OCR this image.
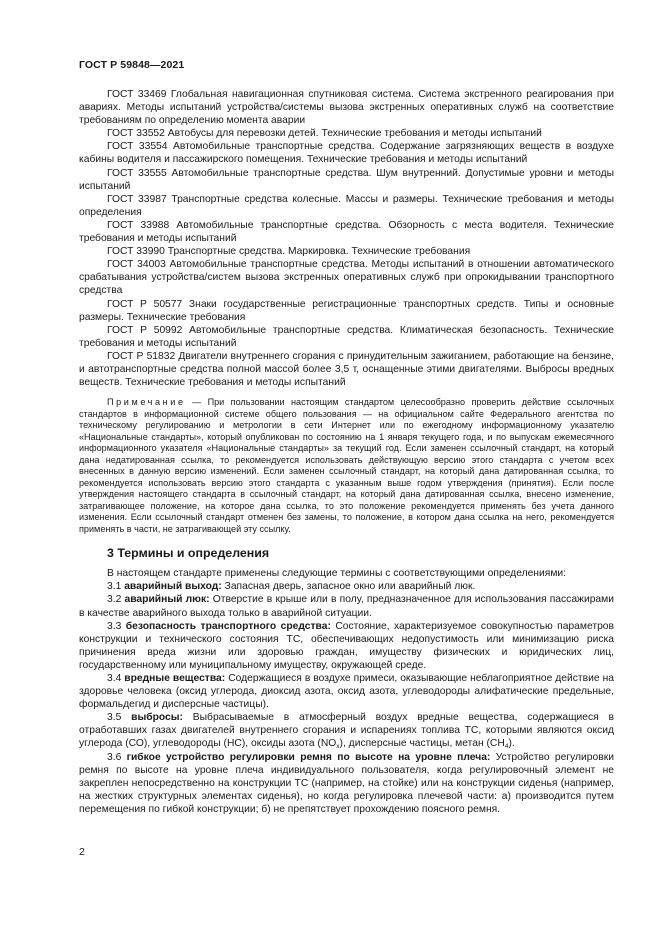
ГОСТ Р 59848—2021

ГОСТ 33469 Глобальная навигационная спутниковая система. Система экстренного реагирования при авариях. Методы испытаний устройства/системы вызова экстренных оперативных служб на соответствие требованиям по определению момента аварии

ГОСТ 33552 Автобусы для перевозки детей. Технические требования и методы испытаний

ГОСТ 33554 Автомобильные транспортные средства. Содержание загрязняющих веществ в воздухе кабины водителя и пассажирского помещения. Технические требования и методы испытаний

ГОСТ 33555 Автомобильные транспортные средства. Шум внутренний. Допустимые уровни и методы испытаний

ГОСТ 33987 Транспортные средства колесные. Массы и размеры. Технические требования и методы определения

ГОСТ 33988 Автомобильные транспортные средства. Обзорность с места водителя. Технические требования и методы испытаний

ГОСТ 33990 Транспортные средства. Маркировка. Технические требования

ГОСТ 34003 Автомобильные транспортные средства. Методы испытаний в отношении автоматического срабатывания устройства/систем вызова экстренных оперативных служб при опрокидывании транспортного средства

ГОСТ Р 50577 Знаки государственные регистрационные транспортных средств. Типы и основные размеры. Технические требования

ГОСТ Р 50992 Автомобильные транспортные средства. Климатическая безопасность. Технические требования и методы испытаний

ГОСТ Р 51832 Двигатели внутреннего сгорания с принудительным зажиганием, работающие на бензине, и автотранспортные средства полной массой более 3,5 т, оснащенные этими двигателями. Выбросы вредных веществ. Технические требования и методы испытаний

Примечание — При пользовании настоящим стандартом целесообразно проверить действие ссылочных стандартов в информационной системе общего пользования — на официальном сайте Федерального агентства по техническому регулированию и метрологии в сети Интернет или по ежегодному информационному указателю «Национальные стандарты», который опубликован по состоянию на 1 января текущего года, и по выпускам ежемесячного информационного указателя «Национальные стандарты» за текущий год. Если заменен ссылочный стандарт, на который дана недатированная ссылка, то рекомендуется использовать действующую версию этого стандарта с учетом всех внесенных в данную версию изменений. Если заменен ссылочный стандарт, на который дана датированная ссылка, то рекомендуется использовать версию этого стандарта с указанным выше годом утверждения (принятия). Если после утверждения настоящего стандарта в ссылочный стандарт, на который дана датированная ссылка, внесено изменение, затрагивающее положение, на которое дана ссылка, то это положение рекомендуется применять без учета данного изменения. Если ссылочный стандарт отменен без замены, то положение, в котором дана ссылка на него, рекомендуется применять в части, не затрагивающей эту ссылку.

3 Термины и определения

В настоящем стандарте применены следующие термины с соответствующими определениями:

3.1 аварийный выход: Запасная дверь, запасное окно или аварийный люк.

3.2 аварийный люк: Отверстие в крыше или в полу, предназначенное для использования пассажирами в качестве аварийного выхода только в аварийной ситуации.

3.3 безопасность транспортного средства: Состояние, характеризуемое совокупностью параметров конструкции и технического состояния ТС, обеспечивающих недопустимость или минимизацию риска причинения вреда жизни или здоровью граждан, имуществу физических и юридических лиц, государственному или муниципальному имуществу, окружающей среде.

3.4 вредные вещества: Содержащиеся в воздухе примеси, оказывающие неблагоприятное действие на здоровье человека (оксид углерода, диоксид азота, оксид азота, углеводороды алифатические предельные, формальдегид и дисперсные частицы).

3.5 выбросы: Выбрасываемые в атмосферный воздух вредные вещества, содержащиеся в отработавших газах двигателей внутреннего сгорания и испарениях топлива ТС, которыми являются оксид углерода (СО), углеводороды (НС), оксиды азота $(NO_x)$, дисперсные частицы, метан $(CH_4)$.

3.6 гибкое устройство регулировки ремня по высоте на уровне плеча: Устройство регулировки ремня по высоте на уровне плеча индивидуального пользователя, когда регулировочный элемент не закреплен непосредственно на конструкции ТС (например, на стойке) или на конструкции сиденья (например, на жестких структурных элементах сиденья), но когда регулировка плечевой части: а) производится путем перемещения по гибкой конструкции; б) не препятствует прохождению поясного ремня.

2
